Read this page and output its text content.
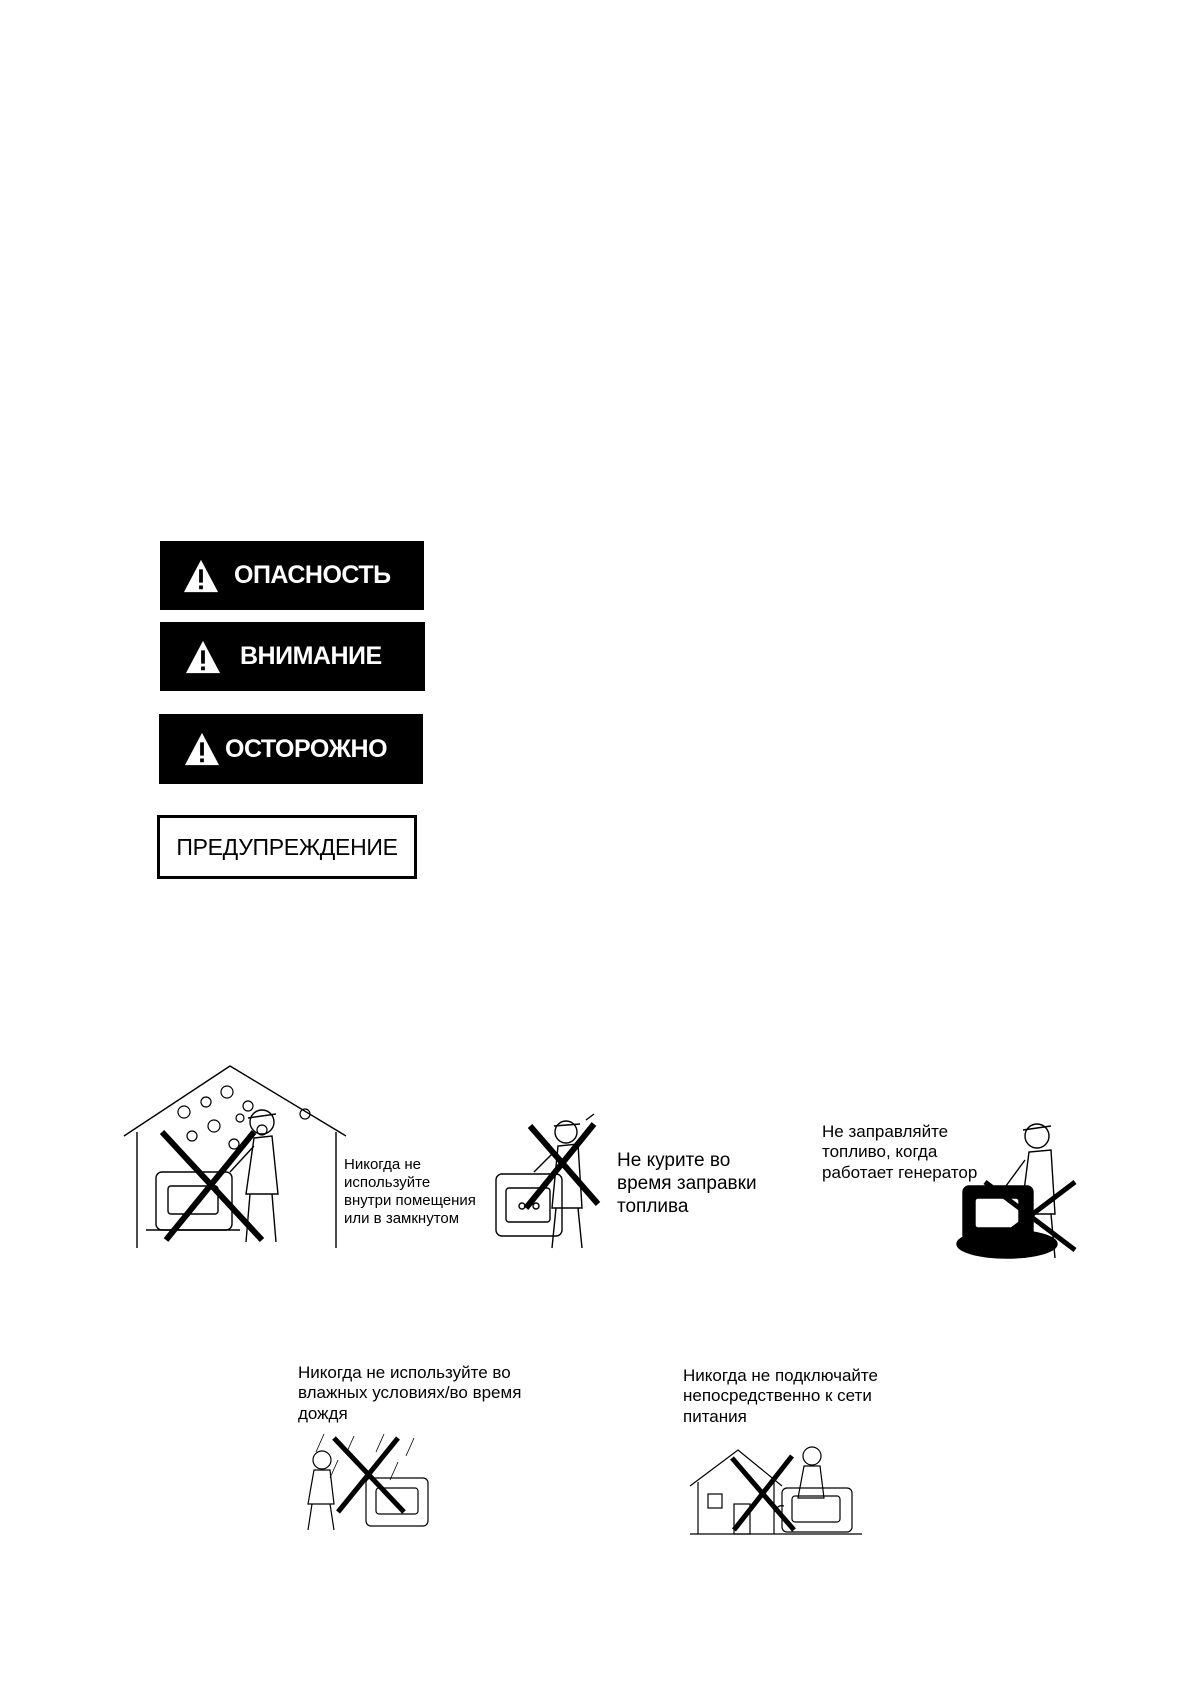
ОПАСНОСТЬ
ВНИМАНИЕ
ОСТОРОЖНО
ПРЕДУПРЕЖДЕНИЕ
Никогда не
используйте
внутри помещения
или в замкнутом
Не курите во
время заправки
топлива
Не заправляйте
топливо, когда
работает генератор
Никогда не используйте во
влажных условиях/во время
дождя
Никогда не подключайте
непосредственно к сети
питания
